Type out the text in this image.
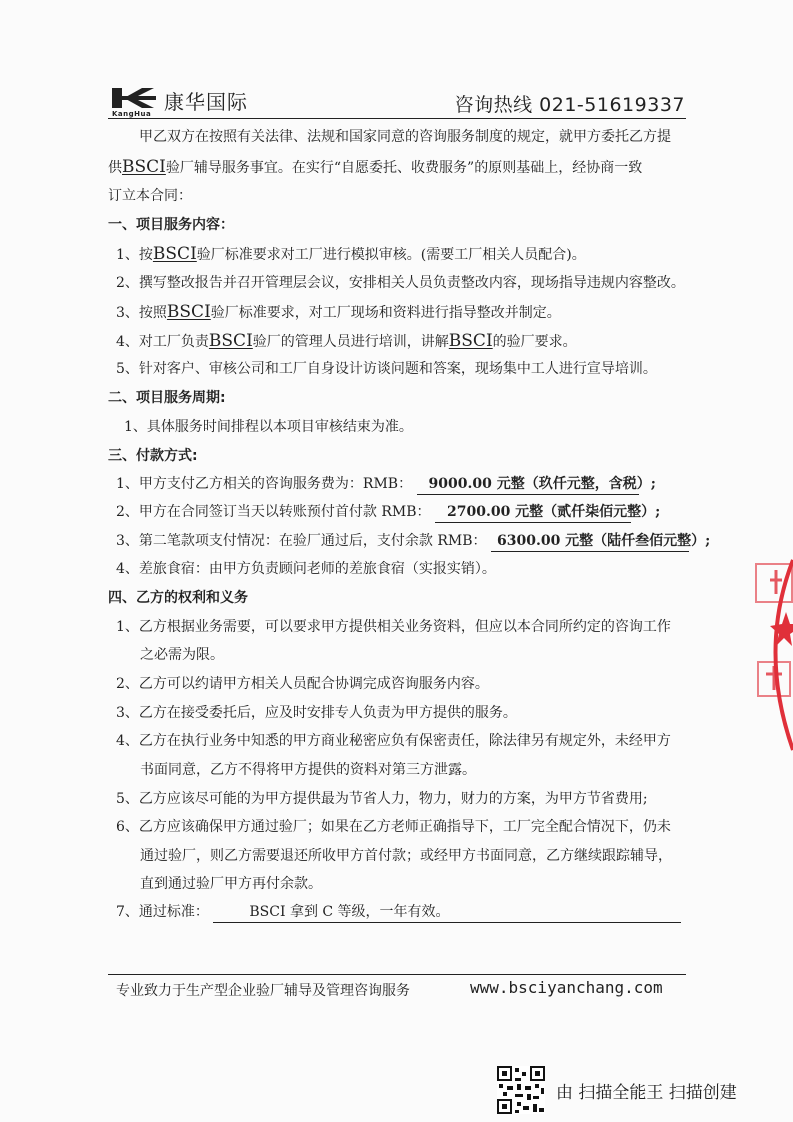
KangHua 康华国际	咨询热线 021-51619337
甲乙双方在按照有关法律、法规和国家同意的咨询服务制度的规定，就甲方委托乙方提
供BSCI验厂辅导服务事宜。在实行“自愿委托、收费服务”的原则基础上，经协商一致
订立本合同：
一、项目服务内容：
1、按BSCI验厂标准要求对工厂进行模拟审核。(需要工厂相关人员配合)。
2、撰写整改报告并召开管理层会议，安排相关人员负责整改内容，现场指导违规内容整改。
3、按照BSCI验厂标准要求，对工厂现场和资料进行指导整改并制定。
4、对工厂负责BSCI验厂的管理人员进行培训，讲解BSCI的验厂要求。
5、针对客户、审核公司和工厂自身设计访谈问题和答案，现场集中工人进行宣导培训。
二、项目服务周期:
1、具体服务时间排程以本项目审核结束为准。
三、付款方式:
1、甲方支付乙方相关的咨询服务费为：RMB： 9000.00 元整（玖仟元整，含税）;
2、甲方在合同签订当天以转账预付首付款 RMB： 2700.00 元整（贰仟柒佰元整）;
3、第二笔款项支付情况：在验厂通过后，支付余款 RMB： 6300.00 元整（陆仟叁佰元整）;
4、差旅食宿：由甲方负责顾问老师的差旅食宿（实报实销）。
四、乙方的权利和义务
1、乙方根据业务需要，可以要求甲方提供相关业务资料，但应以本合同所约定的咨询工作
之必需为限。
2、乙方可以约请甲方相关人员配合协调完成咨询服务内容。
3、乙方在接受委托后，应及时安排专人负责为甲方提供的服务。
4、乙方在执行业务中知悉的甲方商业秘密应负有保密责任，除法律另有规定外，未经甲方
书面同意，乙方不得将甲方提供的资料对第三方泄露。
5、乙方应该尽可能的为甲方提供最为节省人力，物力，财力的方案，为甲方节省费用;
6、乙方应该确保甲方通过验厂；如果在乙方老师正确指导下，工厂完全配合情况下，仍未
通过验厂，则乙方需要退还所收甲方首付款；或经甲方书面同意，乙方继续跟踪辅导，
直到通过验厂甲方再付余款。
7、通过标准：	BSCI 拿到 C 等级，一年有效。
专业致力于生产型企业验厂辅导及管理咨询服务	www.bsciyanchang.com
由 扫描全能王 扫描创建
